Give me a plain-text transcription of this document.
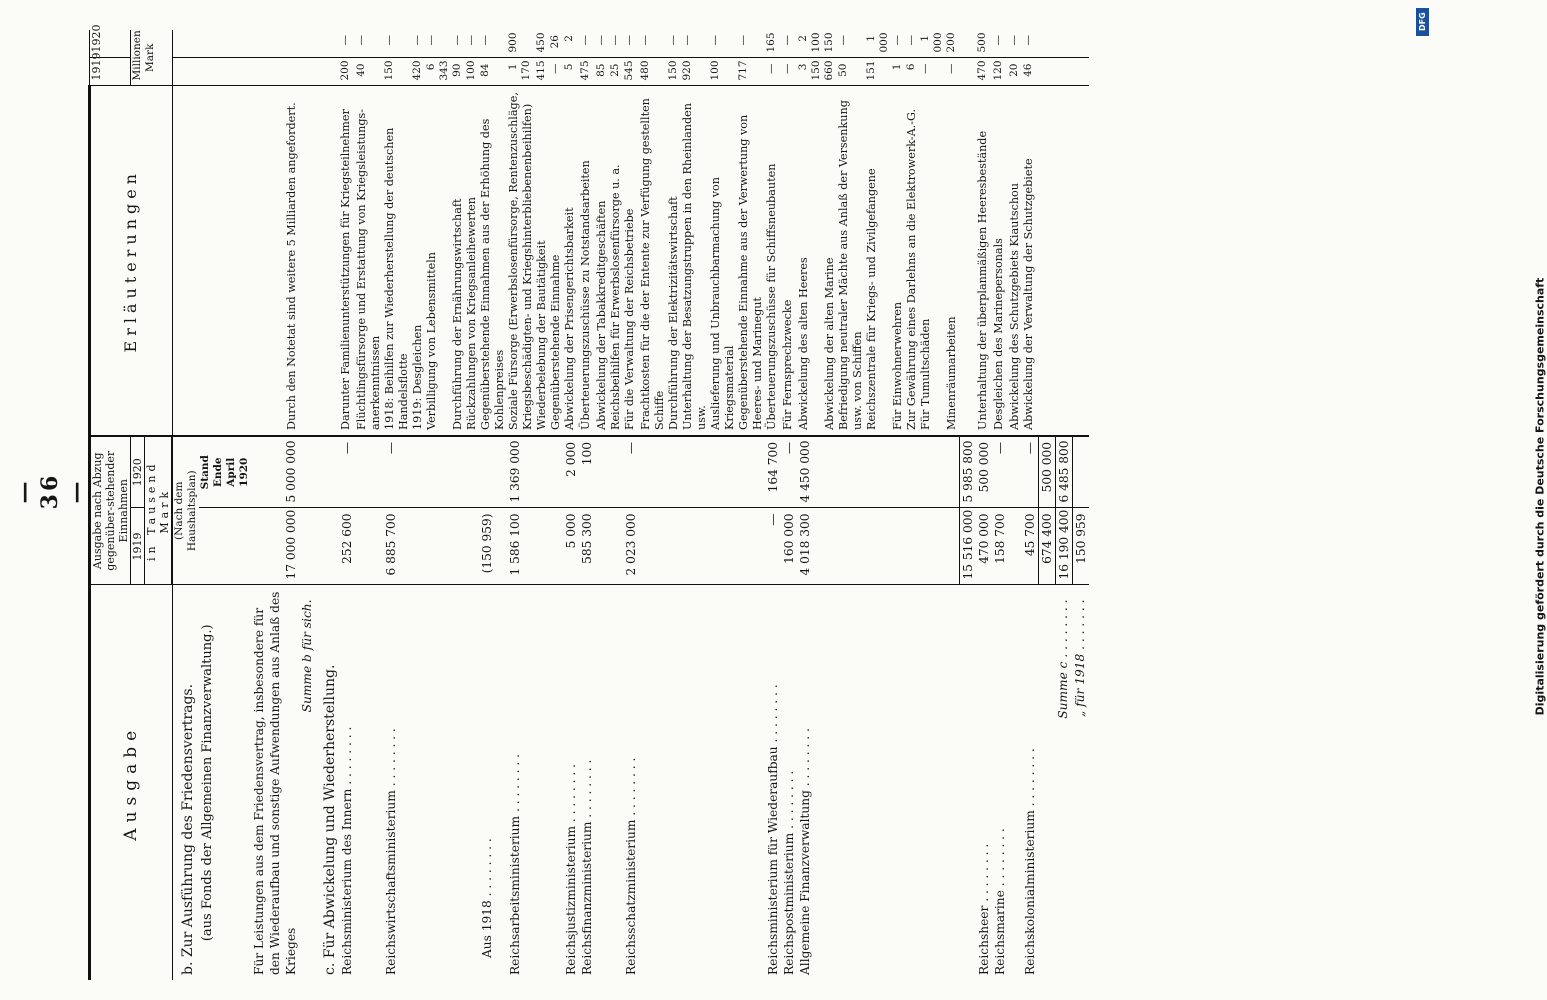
— 36 —	Digitalisierung gefördert durch die Deutsche Forschungsgemeinschaft
DFG
Ausgabe	Ausgabe nach Abzug gegenüber-stehender Einnahmen		Erläuterungen	1919	1920
	1919	1920		Millionen Mark	
	in Tausend Mark				
b. Zur Ausführung des Friedensvertrags.	(Nach dem Haushaltsplan)				
(aus Fonds der Allgemeinen Finanzverwaltung.)		Stand Ende April 1920			
Für Leistungen aus dem Friedensvertrag, insbesondere für den Wiederaufbau und sonstige Aufwendungen aus Anlaß des Krieges	17 000 000	5 000 000	Durch den Notetat sind weitere 5 Milliarden angefordert.		
Summe b für sich.					
c. Für Abwickelung und Wiederherstellung.					
Reichsministerium des Innern . . . . . . . .	252 600	—	Darunter Familienunterstützungen für Kriegsteilnehmer	200	—
			Flüchtlingsfürsorge und Erstattung von Kriegsleistungs-anerkenntnissen	40	—
Reichswirtschaftsministerium . . . . . . . .	6 885 700	—	1918: Beihilfen zur Wiederherstellung der deutschen Handelsflotte	150	—
			1919: Desgleichen	420	—
			Verbilligung von Lebensmitteln	6 343	—
			Durchführung der Ernährungswirtschaft	90	—
			Rückzahlungen von Kriegsanleihewerten	100	—
Aus 1918 . . . . . . . .	(150 959)		Gegenüberstehende Einnahmen aus der Erhöhung des Kohlenpreises	84	—
Reichsarbeitsministerium . . . . . . . .	1 586 100	1 369 000	Soziale Fürsorge (Erwerbslosenfürsorge, Rentenzuschläge, Kriegsbeschädigten- und Kriegshinterbliebenenbeihilfen)	1 170	900
			Wiederbelebung der Bautätigkeit	415	450
			Gegenüberstehende Einnahme	—	26
Reichsjustizministerium . . . . . . . .	5 000	2 000	Abwickelung der Prisengerichtsbarkeit	5	2
Reichsfinanzministerium . . . . . . . .	585 300	100	Überteuerungszuschüsse zu Notstandsarbeiten	475	—
			Abwickelung der Tabakkreditgeschäften	85	—
			Reichsbeihilfen für Erwerbslosenfürsorge u. a.	25	—
Reichsschatzministerium . . . . . . . .	2 023 000	—	Für die Verwaltung der Reichsbetriebe	545	—
			Frachtkosten für die der Entente zur Verfügung gestellten Schiffe	480	—
			Durchführung der Elektrizitätswirtschaft	150	—
			Unterhaltung der Besatzungstruppen in den Rheinlanden usw.	920	—
			Auslieferung und Unbrauchbarmachung von Kriegsmaterial	100	—
			Gegenüberstehende Einnahme aus der Verwertung von Heeres- und Marinegut	717	—
Reichsministerium für Wiederaufbau . . . . . . . .	—	164 700	Überteuerungszuschüsse für Schiffsneubauten	—	165
Reichspostministerium . . . . . . . .	160 000	—	Für Fernsprechzwecke	—	—
Allgemeine Finanzverwaltung . . . . . . . .	4 018 300	4 450 000	Abwickelung des alten Heeres	3 150	2 100
			Abwickelung der alten Marine	660	150
			Befriedigung neutraler Mächte aus Anlaß der Versenkung usw. von Schiffen	50	—
			Reichszentrale für Kriegs- und Zivilgefangene	151	1 000
			Für Einwohnerwehren	1	—
			Zur Gewährung eines Darlehns an die Elektrowerk-A.-G.	6	—
			Für Tumultschäden	—	1 000
			Minenräumarbeiten	—	200
	15 516 000	5 985 800			
Reichsheer . . . . . . . .	470 000	500 000	Unterhaltung der überplanmäßigen Heeresbestände	470	500
Reichsmarine . . . . . . . .	158 700	—	Desgleichen des Marinepersonals	120	—
			Abwickelung des Schutzgebiets Kiautschou	20	—
Reichskolonialministerium . . . . . . . .	45 700	—	Abwickelung der Verwaltung der Schutzgebiete	46	—
	674 400	500 000			
Summe c . . . . . . . .	16 190 400	6 485 800			
„ für 1918 . . . . . . .	150 959				
